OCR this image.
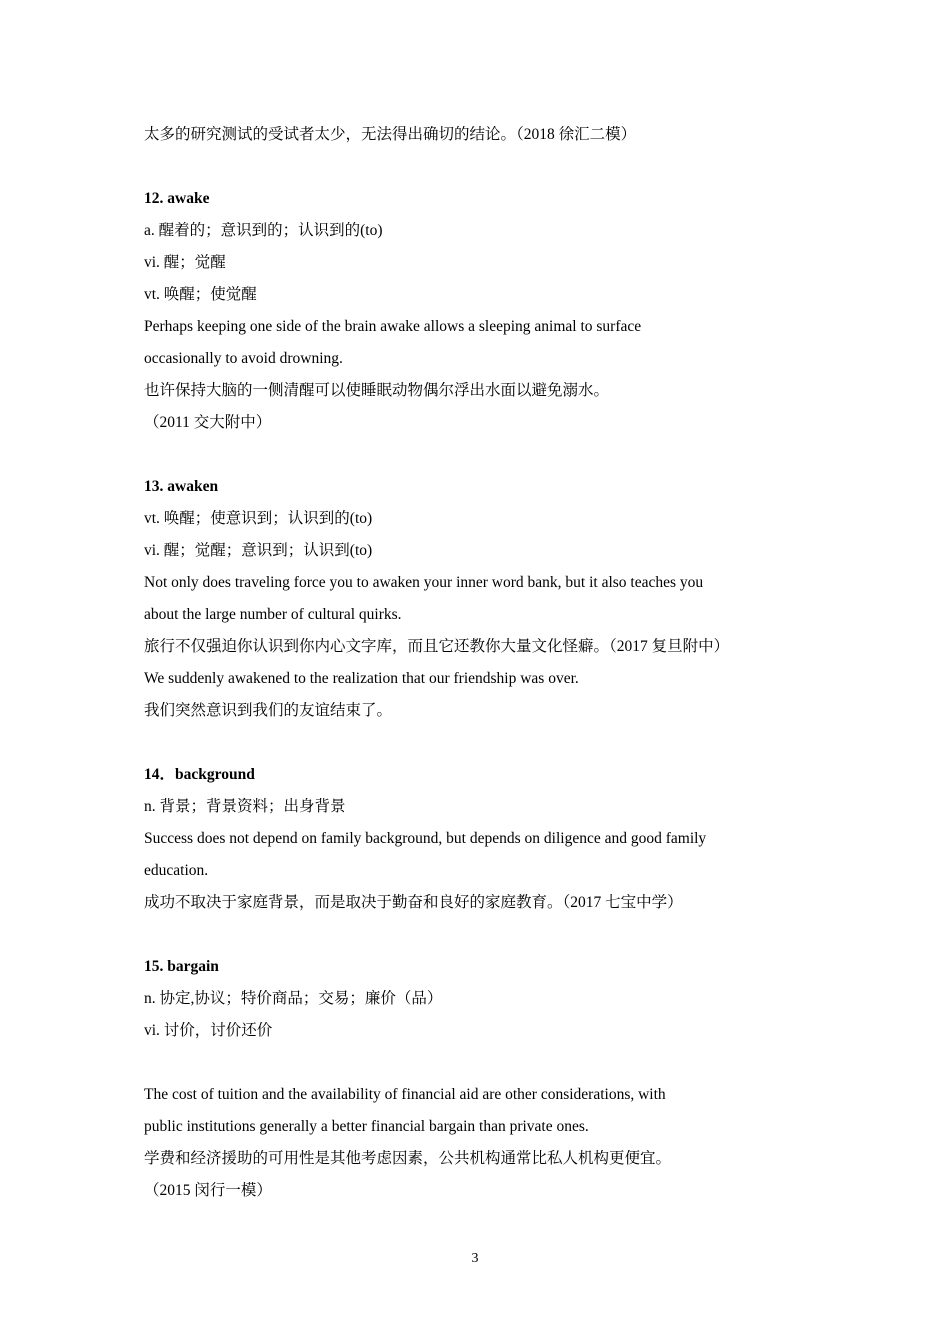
太多的研究测试的受试者太少，无法得出确切的结论。（2018 徐汇二模）
12. awake
a. 醒着的；意识到的；认识到的(to)
vi. 醒；觉醒
vt. 唤醒；使觉醒
Perhaps keeping one side of the brain awake allows a sleeping animal to surface
occasionally to avoid drowning.
也许保持大脑的一侧清醒可以使睡眠动物偶尔浮出水面以避免溺水。
（2011 交大附中）
13. awaken
vt. 唤醒；使意识到；认识到的(to)
vi. 醒；觉醒；意识到；认识到(to)
Not only does traveling force you to awaken your inner word bank, but it also teaches you
about the large number of cultural quirks.
旅行不仅强迫你认识到你内心文字库，而且它还教你大量文化怪癖。（2017 复旦附中）
We suddenly awakened to the realization that our friendship was over.
我们突然意识到我们的友谊结束了。
14．background
n. 背景；背景资料；出身背景
Success does not depend on family background, but depends on diligence and good family
education.
成功不取决于家庭背景，而是取决于勤奋和良好的家庭教育。（2017 七宝中学）
15. bargain
n. 协定,协议；特价商品；交易；廉价（品）
vi. 讨价，讨价还价
The cost of tuition and the availability of financial aid are other considerations, with
public institutions generally a better financial bargain than private ones.
学费和经济援助的可用性是其他考虑因素，公共机构通常比私人机构更便宜。
（2015 闵行一模）
3
